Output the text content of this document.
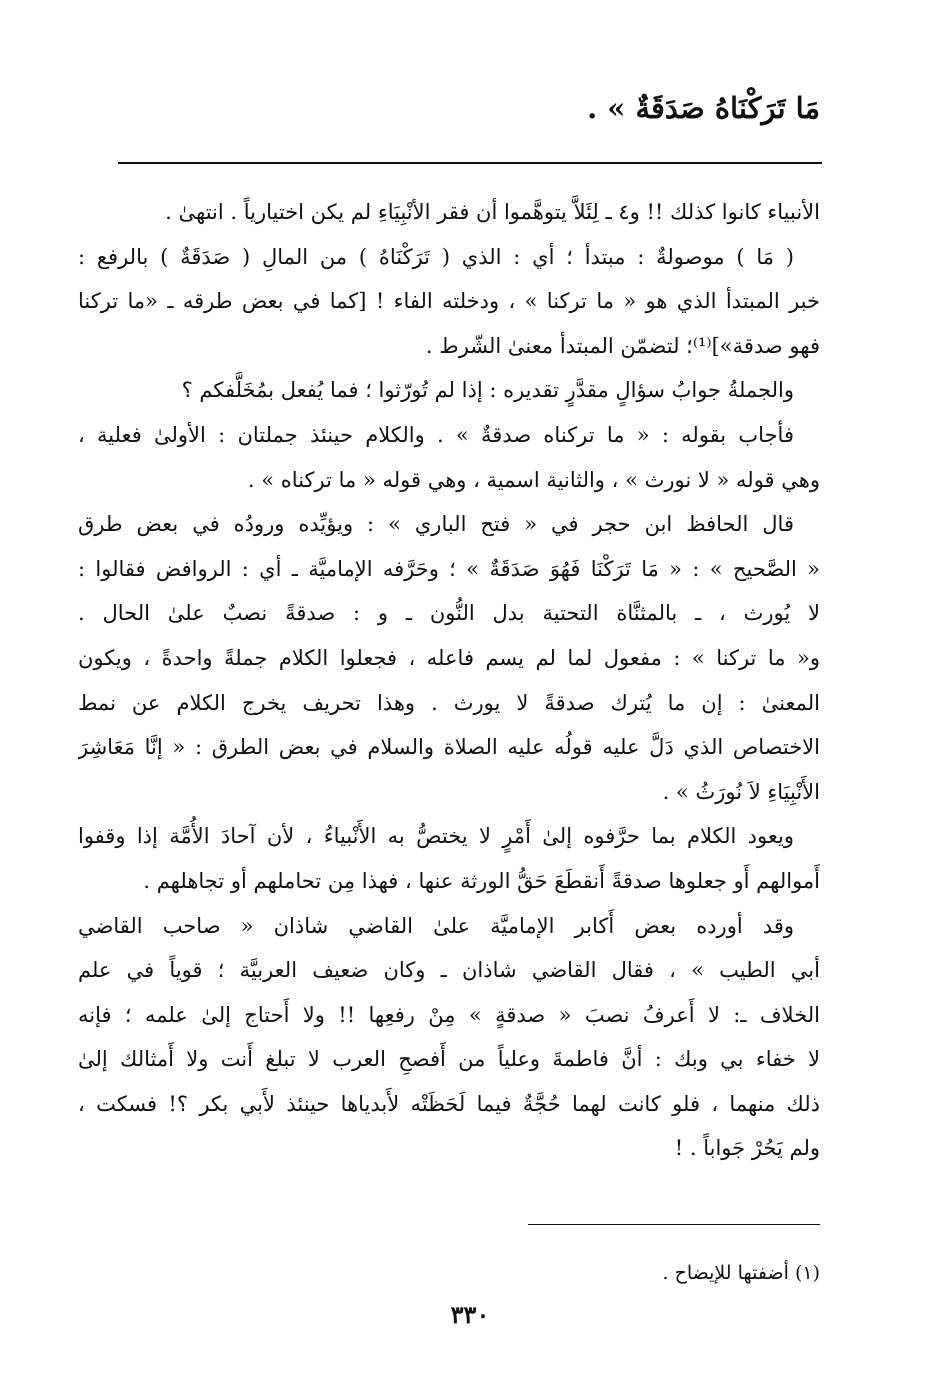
مَا تَرَكْنَاهُ صَدَقَةٌ » .

الأنبياء كانوا كذلك !! و٤ ـ لِئَلاَّ يتوهَّموا أن فقر الأنْبِيَاءِ لم يكن اختيارياً . انتهىٰ .
( مَا ) موصولةٌ : مبتدأ ؛ أي : الذي ( تَرَكْنَاهُ ) من المالِ ( صَدَقَةٌ ) بالرفع :
خبر المبتدأ الذي هو « ما تركنا » ، ودخلته الفاء ! [كما في بعض طرقه ـ «ما تركنا
فهو صدقة»]⁽¹⁾؛ لتضمّن المبتدأ معنىٰ الشّرط .
والجملةُ جوابُ سؤالٍ مقدَّرٍ تقديره : إذا لم تُورّثوا ؛ فما يُفعل بمُخَلَّفكم ؟
فأجاب بقوله : « ما تركناه صدقةٌ » . والكلام حينئذ جملتان : الأولىٰ فعلية ،
وهي قوله « لا نورث » ، والثانية اسمية ، وهي قوله « ما تركناه » .
قال الحافظ ابن حجر في « فتح الباري » : ويؤيِّده ورودُه في بعض طرق
« الصَّحيح » : « مَا تَرَكْنَا فَهُوَ صَدَقَةٌ » ؛ وحَرَّفه الإماميَّة ـ أي : الروافض فقالوا :
لا يُورث ، ـ بالمثنَّاة التحتية بدل النُّون ـ و : صدقةً نصبٌ علىٰ الحال .
و« ما تركنا » : مفعول لما لم يسم فاعله ، فجعلوا الكلام جملةً واحدةً ، ويكون
المعنىٰ : إن ما يُترك صدقةً لا يورث . وهذا تحريف يخرج الكلام عن نمط
الاختصاص الذي دَلَّ عليه قولُه عليه الصلاة والسلام في بعض الطرق : « إنَّا مَعَاشِرَ
الأَنْبِيَاءِ لاَ نُورَثُ » .
ويعود الكلام بما حرَّفوه إلىٰ أَمْرٍ لا يختصُّ به الأَنْبياءُ ، لأن آحادَ الأُمَّة إذا وقفوا
أَموالهم أَو جعلوها صدقةً أَنقطَعَ حَقُّ الورثة عنها ، فهذا مِن تحاملهم أو تجاهلهم .
وقد أورده بعض أَكابر الإماميَّة علىٰ القاضي شاذان « صاحب القاضي
أبي الطيب » ، فقال القاضي شاذان ـ وكان ضعيف العربيَّة ؛ قوياً في علم
الخلاف ـ: لا أَعرفُ نصبَ « صدقةٍ » مِنْ رفعِها !! ولا أَحتاج إلىٰ علمه ؛ فإنه
لا خفاء بي وبك : أنَّ فاطمةَ وعلياً من أَفصحِ العرب لا تبلغ أَنت ولا أَمثالك إلىٰ
ذلك منهما ، فلو كانت لهما حُجَّةٌ فيما لَحَظَتْه لأَبدياها حينئذ لأَبي بكر ؟! فسكت ،
ولم يَحُرْ جَواباً . !

(١) أضفتها للإيضاح .
٣٣٠
